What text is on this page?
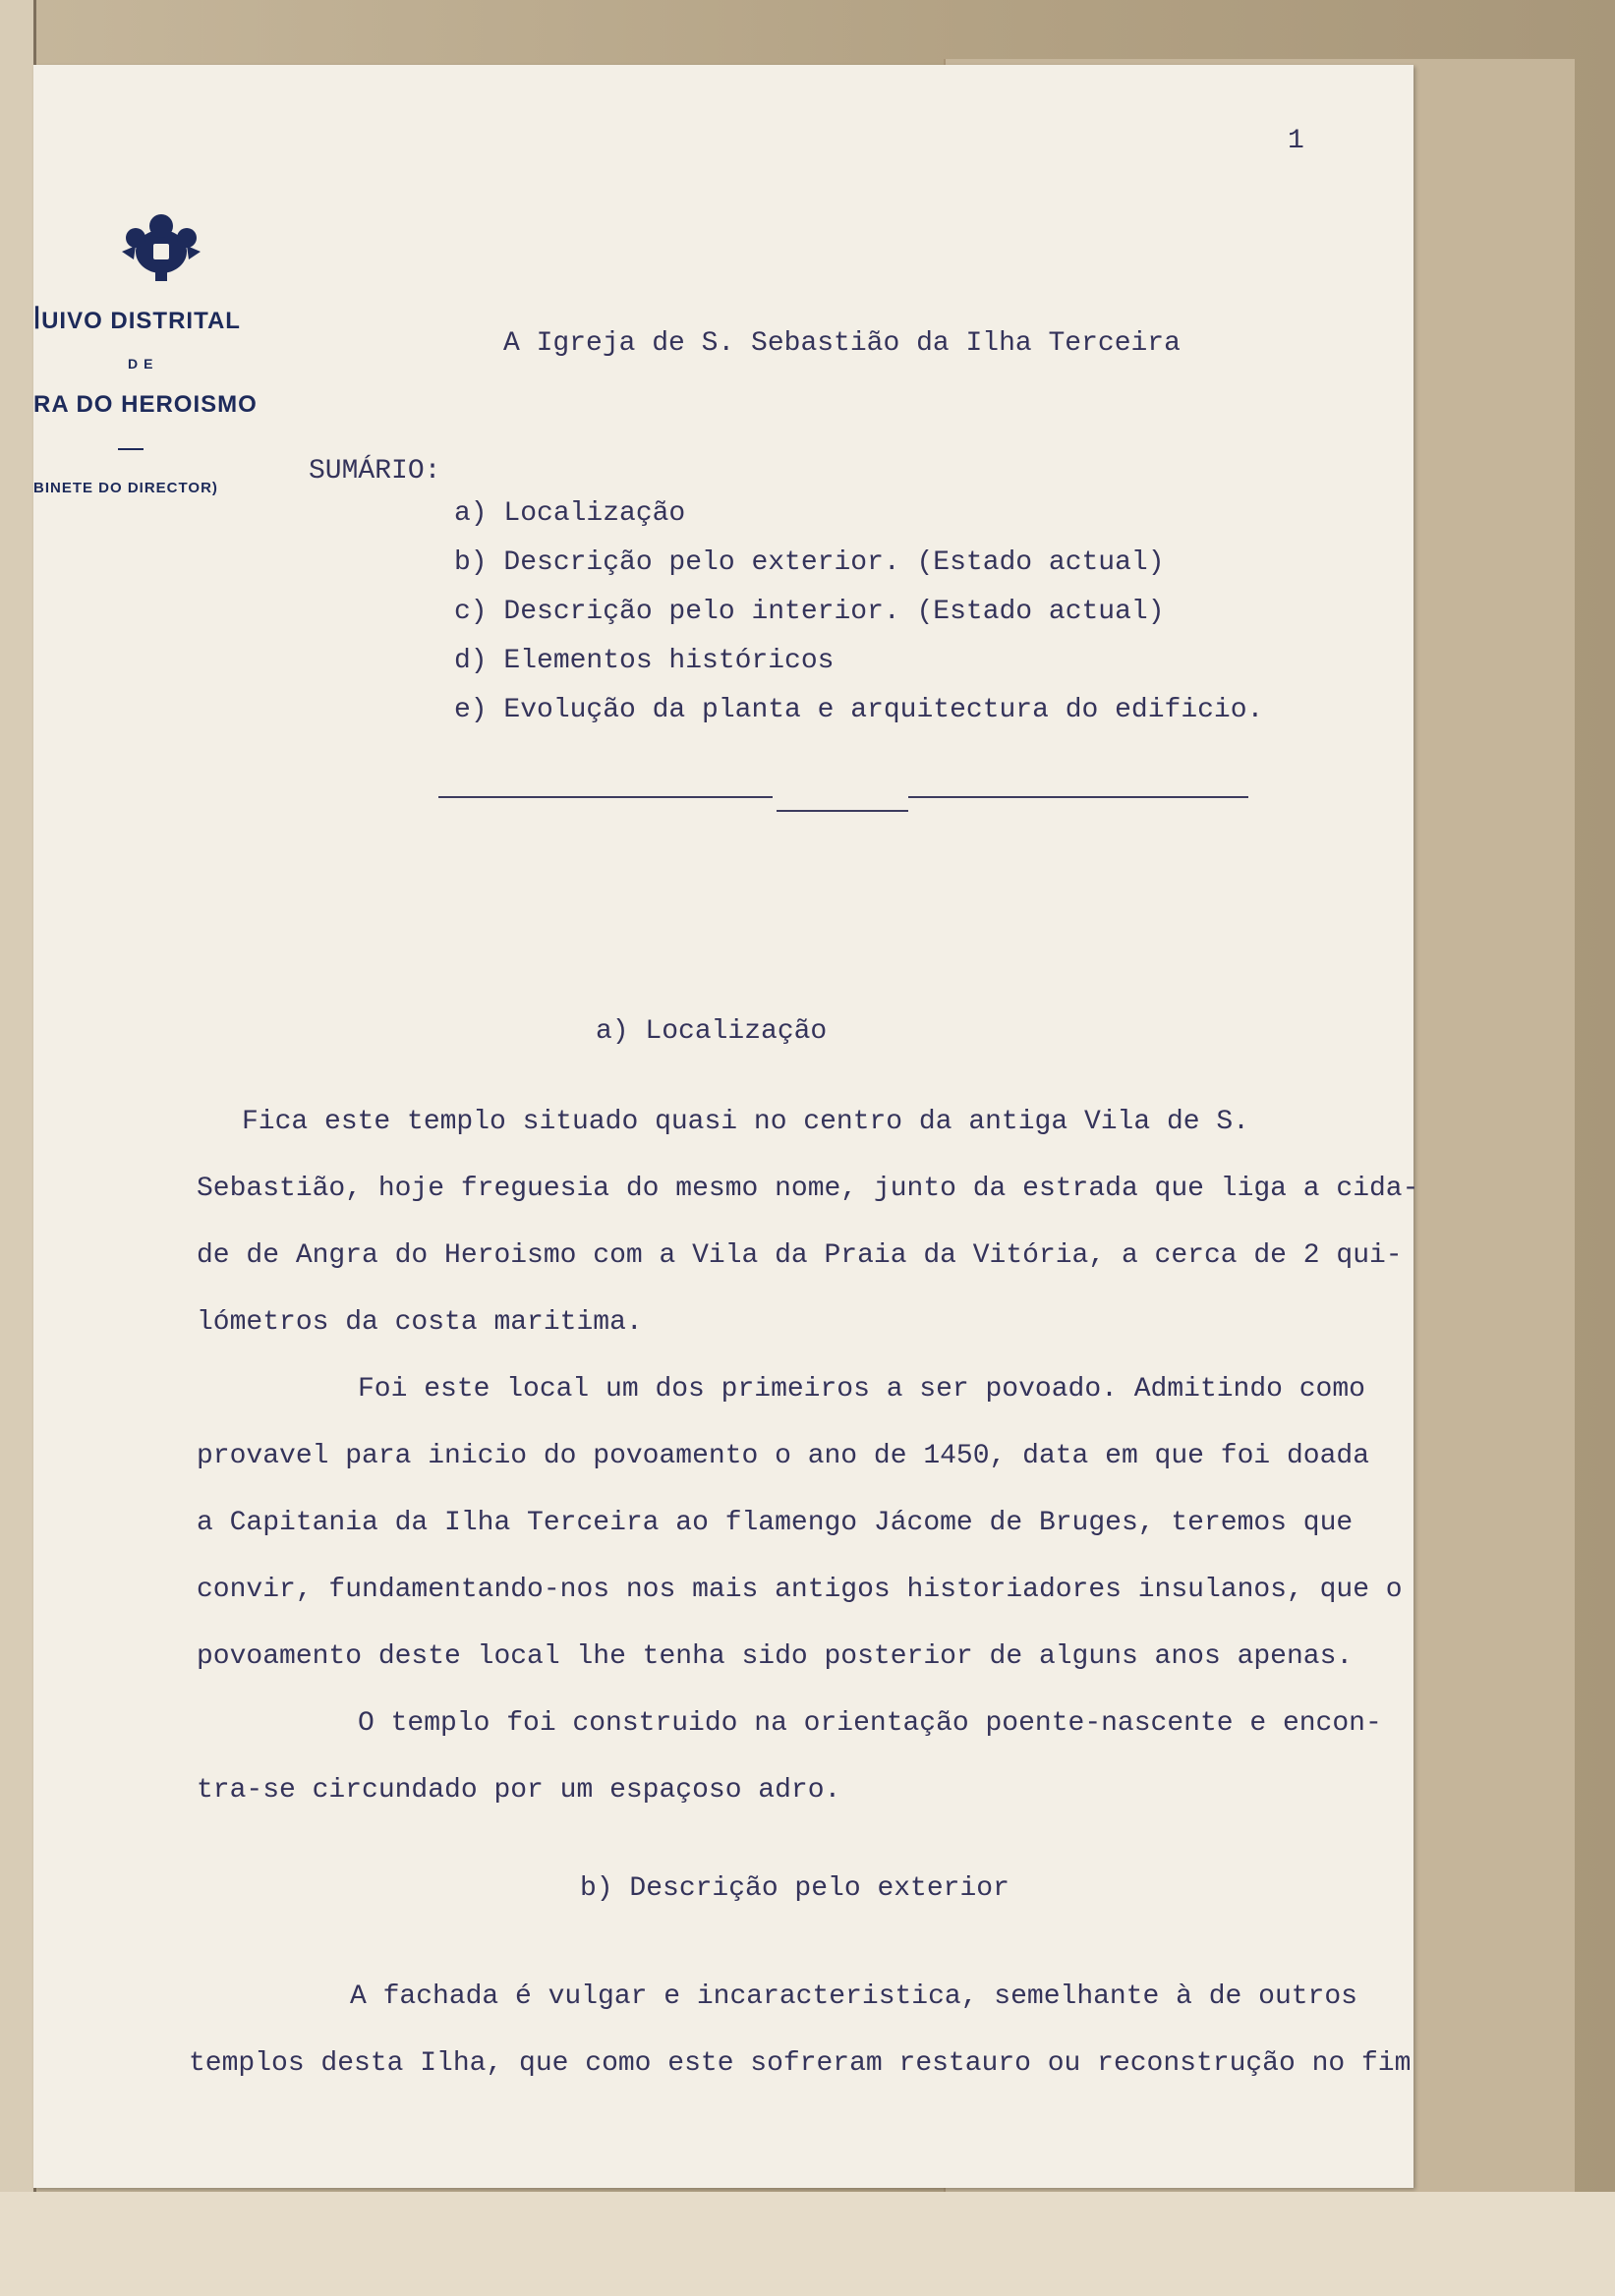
ꟾUIVO DISTRITAL
DE
RA DO HEROISMO
BINETE DO DIRECTOR)
1
A Igreja de S. Sebastião da Ilha Terceira
SUMÁRIO:
a) Localização
b) Descrição pelo exterior. (Estado actual)
c) Descrição pelo interior. (Estado actual)
d) Elementos históricos
e) Evolução da planta e arquitectura do edificio.
a) Localização
Fica este templo situado quasi no centro da antiga Vila de S.
Sebastião, hoje freguesia do mesmo nome, junto da estrada que liga a cida-
de de Angra do Heroismo com a Vila da Praia da Vitória, a cerca de 2 qui-
lómetros da costa maritima.
Foi este local um dos primeiros a ser povoado. Admitindo como
provavel para inicio do povoamento o ano de 1450, data em que foi doada
a Capitania da Ilha Terceira ao flamengo Jácome de Bruges, teremos que
convir, fundamentando-nos nos mais antigos historiadores insulanos, que o
povoamento deste local lhe tenha sido posterior de alguns anos apenas.
O templo foi construido na orientação poente-nascente e encon-
tra-se circundado por um espaçoso adro.
b) Descrição pelo exterior
A fachada é vulgar e incaracteristica, semelhante à de outros
templos desta Ilha, que como este sofreram restauro ou reconstrução no fim
